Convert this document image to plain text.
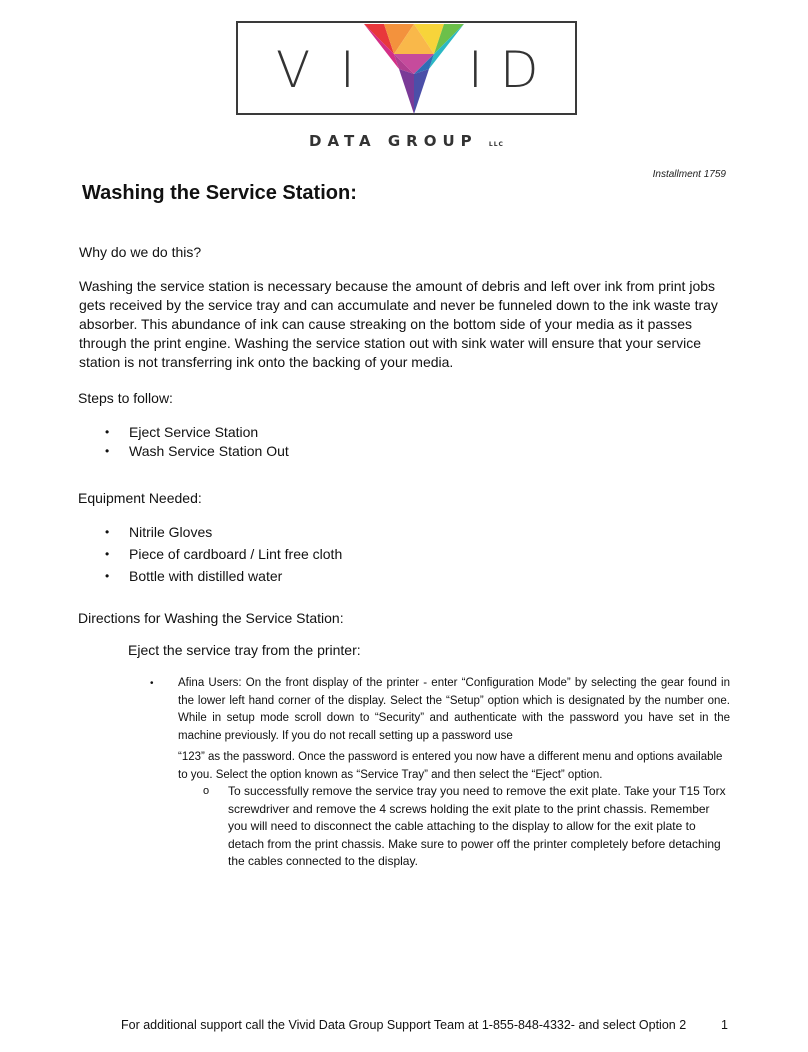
V I I D
DATA GROUP LLC
Installment 1759
Washing the Service Station:
Why do we do this?
Washing the service station is necessary because the amount of debris and left over ink from print jobs gets received by the service tray and can accumulate and never be funneled down to the ink waste tray absorber. This abundance of ink can cause streaking on the bottom side of your media as it passes through the print engine. Washing the service station out with sink water will ensure that your service station is not transferring ink onto the backing of your media.
Steps to follow:
• Eject Service Station
• Wash Service Station Out
Equipment Needed:
• Nitrile Gloves
• Piece of cardboard / Lint free cloth
• Bottle with distilled water
Directions for Washing the Service Station:
Eject the service tray from the printer:
• Afina Users: On the front display of the printer - enter “Configuration Mode” by selecting the gear found in the lower left hand corner of the display. Select the “Setup” option which is designated by the number one. While in setup mode scroll down to “Security” and authenticate with the password you have set in the machine previously. If you do not recall setting up a password use
“123” as the password. Once the password is entered you now have a different menu and options available to you. Select the option known as “Service Tray” and then select the “Eject” option.
o To successfully remove the service tray you need to remove the exit plate. Take your T15 Torx screwdriver and remove the 4 screws holding the exit plate to the print chassis. Remember you will need to disconnect the cable attaching to the display to allow for the exit plate to detach from the print chassis. Make sure to power off the printer completely before detaching the cables connected to the display.
For additional support call the Vivid Data Group Support Team at 1-855-848-4332- and select Option 2	1
